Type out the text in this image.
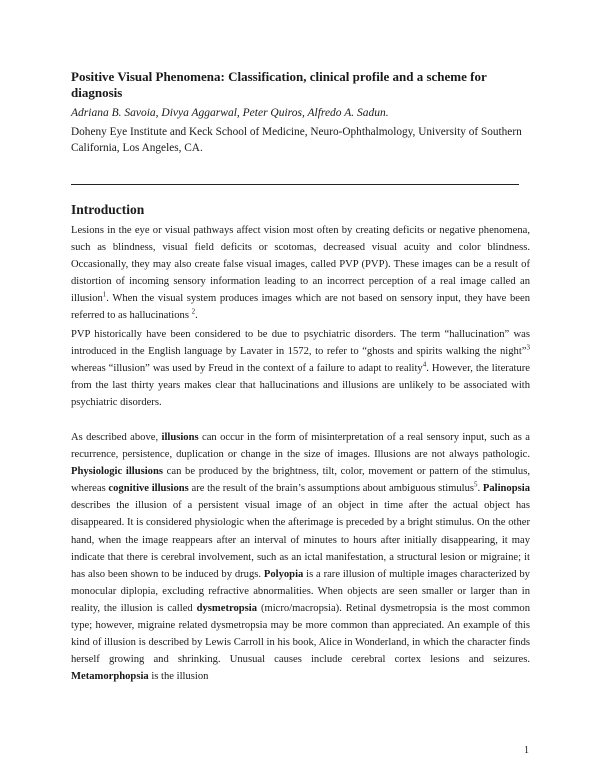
Positive Visual Phenomena: Classification, clinical profile and a scheme for diagnosis

Adriana B. Savoia, Divya Aggarwal, Peter Quiros, Alfredo A. Sadun.

Doheny Eye Institute and Keck School of Medicine, Neuro-Ophthalmology, University of Southern California, Los Angeles, CA.

Introduction

Lesions in the eye or visual pathways affect vision most often by creating deficits or negative phenomena, such as blindness, visual field deficits or scotomas, decreased visual acuity and color blindness. Occasionally, they may also create false visual images, called PVP (PVP). These images can be a result of distortion of incoming sensory information leading to an incorrect perception of a real image called an illusion$^1$. When the visual system produces images which are not based on sensory input, they have been referred to as hallucinations $^2$.

PVP historically have been considered to be due to psychiatric disorders. The term “hallucination” was introduced in the English language by Lavater in 1572, to refer to “ghosts and spirits walking the night”$^3$ whereas “illusion” was used by Freud in the context of a failure to adapt to reality$^4$. However, the literature from the last thirty years makes clear that hallucinations and illusions are unlikely to be associated with psychiatric disorders.

As described above, illusions can occur in the form of misinterpretation of a real sensory input, such as a recurrence, persistence, duplication or change in the size of images. Illusions are not always pathologic. Physiologic illusions can be produced by the brightness, tilt, color, movement or pattern of the stimulus, whereas cognitive illusions are the result of the brain’s assumptions about ambiguous stimulus$^5$. Palinopsia describes the illusion of a persistent visual image of an object in time after the actual object has disappeared. It is considered physiologic when the afterimage is preceded by a bright stimulus. On the other hand, when the image reappears after an interval of minutes to hours after initially disappearing, it may indicate that there is cerebral involvement, such as an ictal manifestation, a structural lesion or migraine; it has also been shown to be induced by drugs. Polyopia is a rare illusion of multiple images characterized by monocular diplopia, excluding refractive abnormalities. When objects are seen smaller or larger than in reality, the illusion is called dysmetropsia (micro/macropsia). Retinal dysmetropsia is the most common type; however, migraine related dysmetropsia may be more common than appreciated. An example of this kind of illusion is described by Lewis Carroll in his book, Alice in Wonderland, in which the character finds herself growing and shrinking. Unusual causes include cerebral cortex lesions and seizures. Metamorphopsia is the illusion

1
